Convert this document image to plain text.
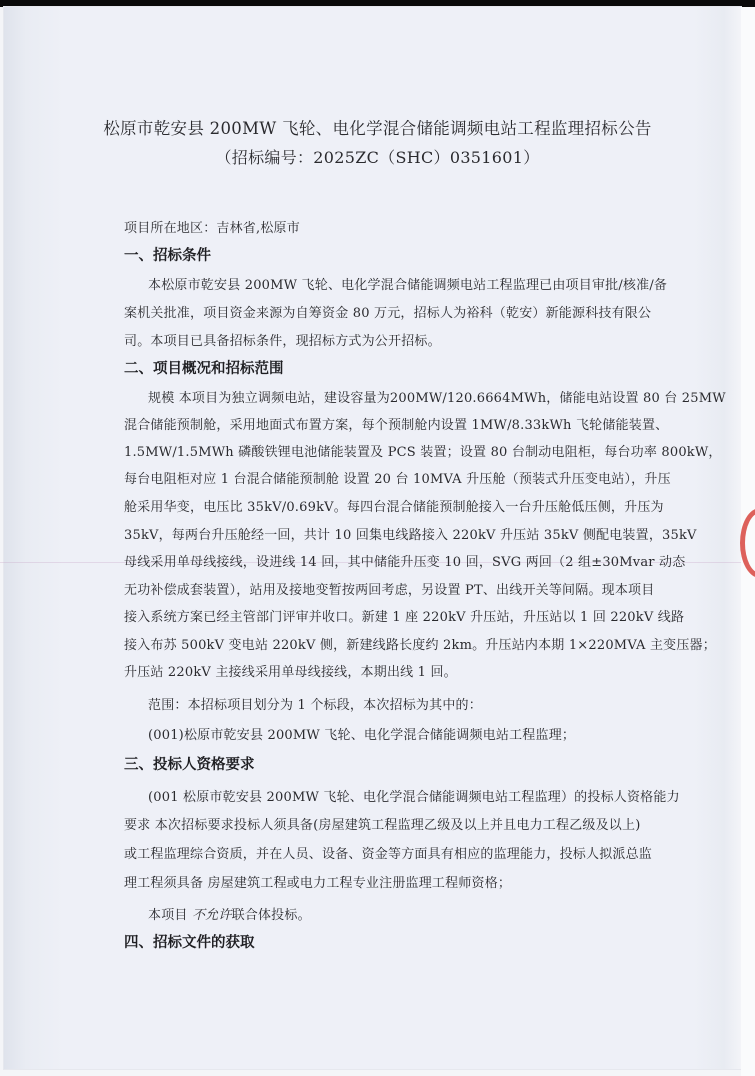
松原市乾安县 200MW 飞轮、电化学混合储能调频电站工程监理招标公告
（招标编号：2025ZC（SHC）0351601）
项目所在地区：吉林省,松原市
一、招标条件
本松原市乾安县 200MW 飞轮、电化学混合储能调频电站工程监理已由项目审批/核准/备
案机关批准，项目资金来源为自筹资金 80 万元，招标人为裕科（乾安）新能源科技有限公
司。本项目已具备招标条件，现招标方式为公开招标。
二、项目概况和招标范围
规模 本项目为独立调频电站，建设容量为200MW/120.6664MWh，储能电站设置 80 台 25MW
混合储能预制舱，采用地面式布置方案，每个预制舱内设置 1MW/8.33kWh 飞轮储能装置、
1.5MW/1.5MWh 磷酸铁锂电池储能装置及 PCS 装置；设置 80 台制动电阻柜，每台功率 800kW，
每台电阻柜对应 1 台混合储能预制舱 设置 20 台 10MVA 升压舱（预装式升压变电站），升压
舱采用华变，电压比 35kV/0.69kV。每四台混合储能预制舱接入一台升压舱低压侧，升压为
35kV，每两台升压舱经一回，共计 10 回集电线路接入 220kV 升压站 35kV 侧配电装置，35kV
母线采用单母线接线，设进线 14 回，其中储能升压变 10 回，SVG 两回（2 组±30Mvar 动态
无功补偿成套装置），站用及接地变暂按两回考虑，另设置 PT、出线开关等间隔。现本项目
接入系统方案已经主管部门评审并收口。新建 1 座 220kV 升压站，升压站以 1 回 220kV 线路
接入布苏 500kV 变电站 220kV 侧，新建线路长度约 2km。升压站内本期 1×220MVA 主变压器；
升压站 220kV 主接线采用单母线接线，本期出线 1 回。
范围：本招标项目划分为 1 个标段，本次招标为其中的：
(001)松原市乾安县 200MW 飞轮、电化学混合储能调频电站工程监理；
三、投标人资格要求
(001 松原市乾安县 200MW 飞轮、电化学混合储能调频电站工程监理）的投标人资格能力
要求 本次招标要求投标人须具备(房屋建筑工程监理乙级及以上并且电力工程乙级及以上)
或工程监理综合资质，并在人员、设备、资金等方面具有相应的监理能力，投标人拟派总监
理工程须具备 房屋建筑工程或电力工程专业注册监理工程师资格；
本项目 不允许联合体投标。
四、招标文件的获取
